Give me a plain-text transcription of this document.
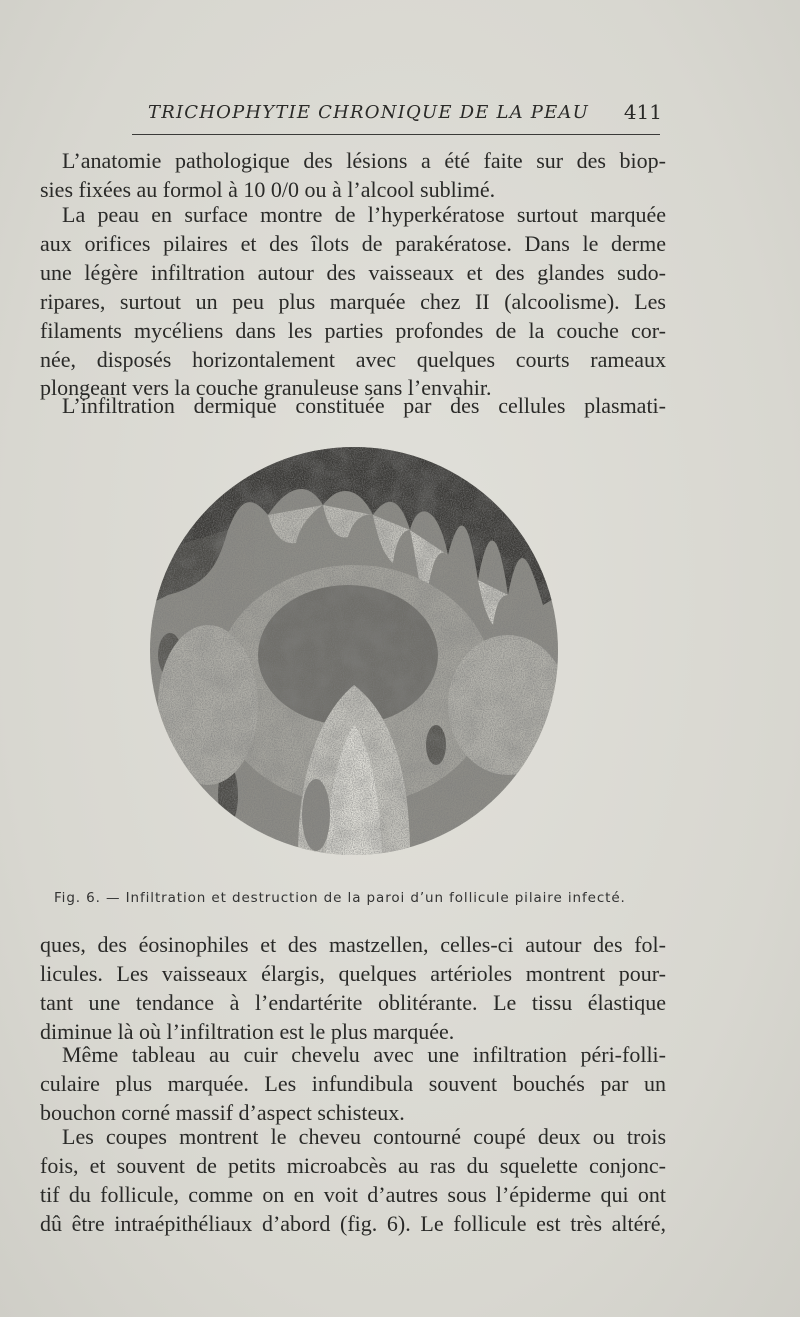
TRICHOPHYTIE CHRONIQUE DE LA PEAU 411
L’anatomie pathologique des lésions a été faite sur des biop-
sies fixées au formol à 10 0/0 ou à l’alcool sublimé.
La peau en surface montre de l’hyperkératose surtout marquée
aux orifices pilaires et des îlots de parakératose. Dans le derme
une légère infiltration autour des vaisseaux et des glandes sudo-
ripares, surtout un peu plus marquée chez II (alcoolisme). Les
filaments mycéliens dans les parties profondes de la couche cor-
née, disposés horizontalement avec quelques courts rameaux
plongeant vers la couche granuleuse sans l’envahir.
L’infiltration dermique constituée par des cellules plasmati-
Fig. 6. — Infiltration et destruction de la paroi d’un follicule pilaire infecté.
ques, des éosinophiles et des mastzellen, celles-ci autour des fol-
licules. Les vaisseaux élargis, quelques artérioles montrent pour-
tant une tendance à l’endartérite oblitérante. Le tissu élastique
diminue là où l’infiltration est le plus marquée.
Même tableau au cuir chevelu avec une infiltration péri-folli-
culaire plus marquée. Les infundibula souvent bouchés par un
bouchon corné massif d’aspect schisteux.
Les coupes montrent le cheveu contourné coupé deux ou trois
fois, et souvent de petits microabcès au ras du squelette conjonc-
tif du follicule, comme on en voit d’autres sous l’épiderme qui ont
dû être intraépithéliaux d’abord (fig. 6). Le follicule est très altéré,
